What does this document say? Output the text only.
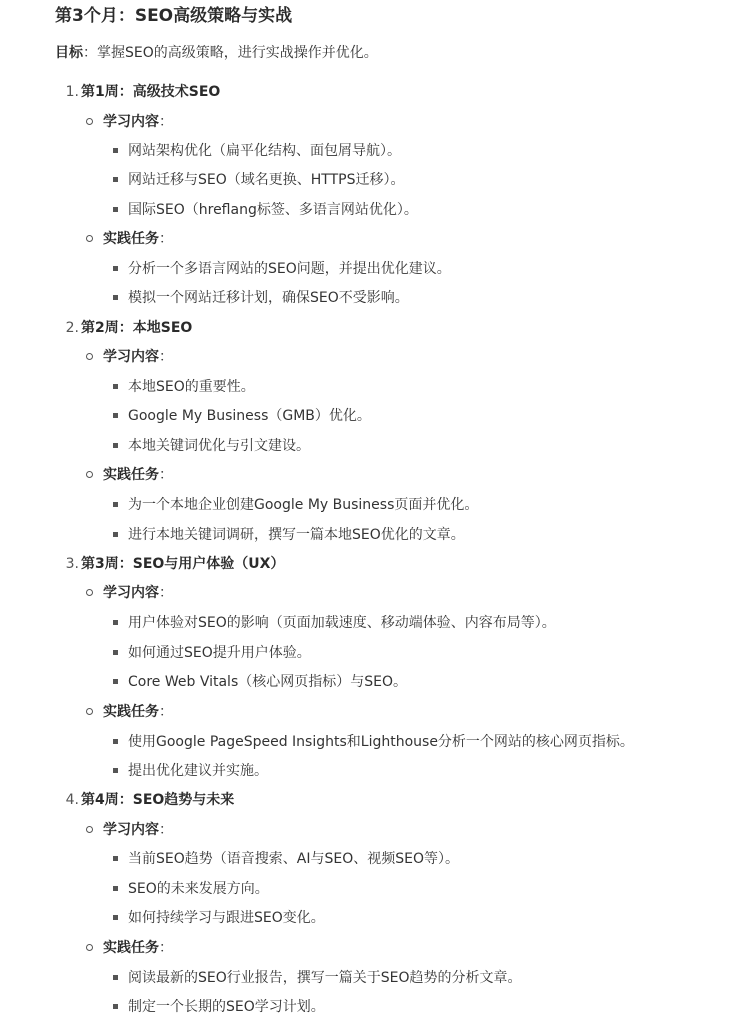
第3个月：SEO高级策略与实战
目标：掌握SEO的高级策略，进行实战操作并优化。
1. 第1周：高级技术SEO
学习内容：
网站架构优化（扁平化结构、面包屑导航）。
网站迁移与SEO（域名更换、HTTPS迁移）。
国际SEO（hreflang标签、多语言网站优化）。
实践任务：
分析一个多语言网站的SEO问题，并提出优化建议。
模拟一个网站迁移计划，确保SEO不受影响。
2. 第2周：本地SEO
学习内容：
本地SEO的重要性。
Google My Business（GMB）优化。
本地关键词优化与引文建设。
实践任务：
为一个本地企业创建Google My Business页面并优化。
进行本地关键词调研，撰写一篇本地SEO优化的文章。
3. 第3周：SEO与用户体验（UX）
学习内容：
用户体验对SEO的影响（页面加载速度、移动端体验、内容布局等）。
如何通过SEO提升用户体验。
Core Web Vitals（核心网页指标）与SEO。
实践任务：
使用Google PageSpeed Insights和Lighthouse分析一个网站的核心网页指标。
提出优化建议并实施。
4. 第4周：SEO趋势与未来
学习内容：
当前SEO趋势（语音搜索、AI与SEO、视频SEO等）。
SEO的未来发展方向。
如何持续学习与跟进SEO变化。
实践任务：
阅读最新的SEO行业报告，撰写一篇关于SEO趋势的分析文章。
制定一个长期的SEO学习计划。
